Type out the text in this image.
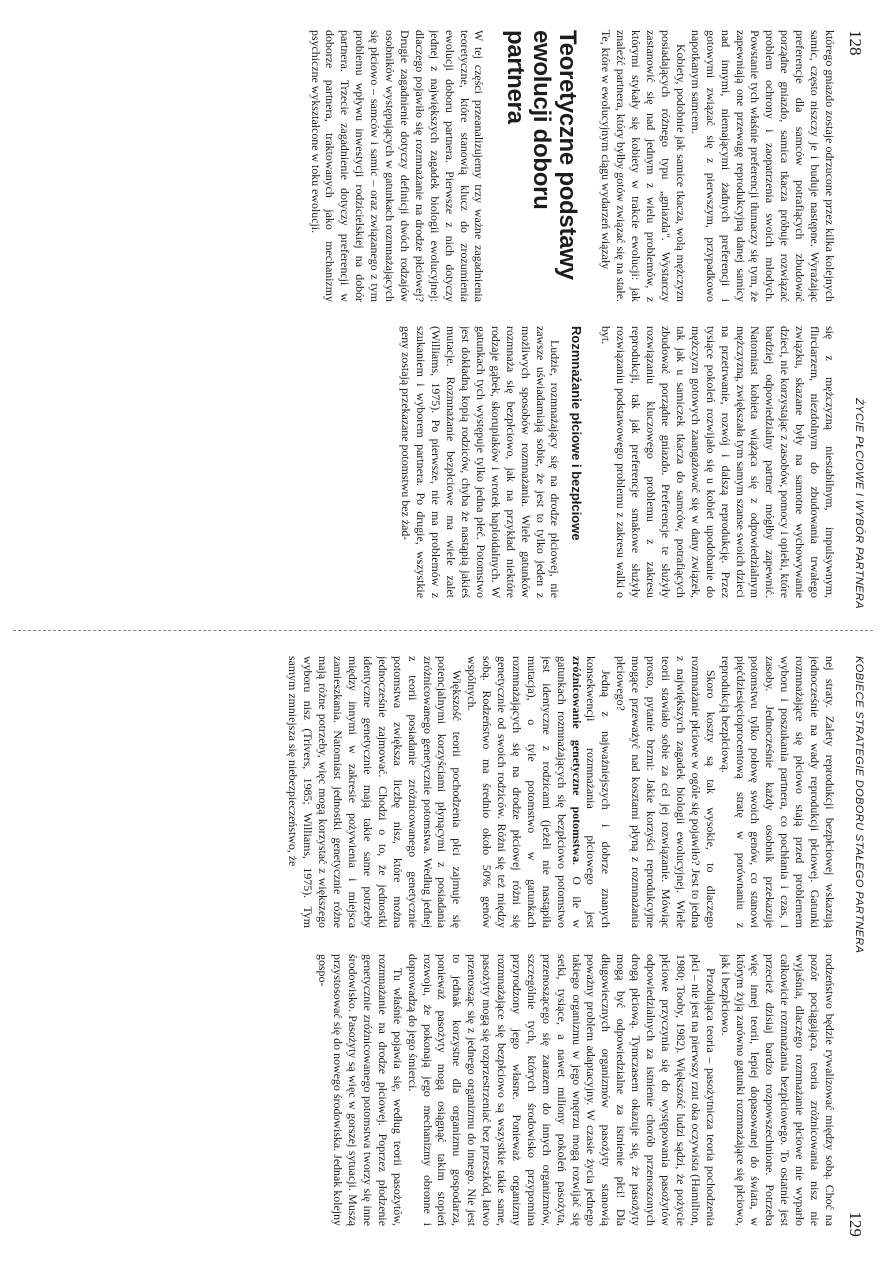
128
ŻYCIE PŁCIOWE I WYBÓR PARTNERA

którego gniazdo zostaje odrzucone przez kilka kolejnych samic, często niszczy je i buduje następne. Wyrażając preferencje dla samców potrafiących zbudować porządne gniazdo, samica tkacza próbuje rozwiązać problem ochrony i zaopatrzenia swoich młodych. Powstanie tych właśnie preferencji tłumaczy się tym, że zapewniają one przewagę reprodukcyjną danej samicy nad innymi, niemającymi żadnych preferencji i gotowymi związać się z pierwszym, przypadkowo napotkanym samcem.

Kobiety, podobnie jak samice tkacza, wolą mężczyzn posiadających różnego typu „gniazda". Wystarczy zastanowić się nad jednym z wielu problemów, z którymi stykały się kobiety w trakcie ewolucji: jak znaleźć partnera, który byłby gotów związać się na stałe. Te, które w ewolucyjnym ciągu wydarzeń wiązały

Teoretyczne podstawy ewolucji doboru partnera

W tej części przeanalizujemy trzy ważne zagadnienia teoretyczne, które stanowią klucz do zrozumienia ewolucji doboru partnera. Pierwsze z nich dotyczy jednej z największych zagadek biologii ewolucyjnej: dlaczego pojawiło się rozmnażanie na drodze płciowej? Drugie zagadnienie dotyczy definicji dwóch rodzajów osobników występujących w gatunkach rozmnażających się płciowo – samców i samic – oraz związanego z tym problemu wpływu inwestycji rodzicielskiej na dobór partnera. Trzecie zagadnienie dotyczy preferencji w doborze partnera, traktowanych jako mechanizmy psychiczne wykształcone w toku ewolucji.

się z mężczyzną niestabilnym, impulsywnym, flirciarzem, niezdolnym do zbudowania trwałego związku, skazane były na samotne wychowywanie dzieci, nie korzystając z zasobów, pomocy i opieki, które bardziej odpowiedzialny partner mógłby zapewnić. Natomiast kobieta wiążąca się z odpowiedzialnym mężczyzną, zwiększała tym samym szanse swoich dzieci na przetrwanie, rozwój i dalszą reprodukcję. Przez tysiące pokoleń rozwijało się u kobiet upodobanie do mężczyzn gotowych zaangażować się w dany związek, tak jak u samiczek tkacza do samców, potrafiących zbudować porządne gniazdo. Preferencje te służyły rozwiązaniu kluczowego problemu z zakresu reprodukcji, tak jak preferencje smakowe służyły rozwiązaniu podstawowego problemu z zakresu walki o byt.

Rozmnażanie płciowe i bezpłciowe

Ludzie, rozmnażający się na drodze płciowej, nie zawsze uświadamiają sobie, że jest to tylko jeden z możliwych sposobów rozmnażania. Wiele gatunków rozmnaża się bezpłciowo, jak na przykład niektóre rodzaje gąbek, skorupiaków i wrotek haploidalnych. W gatunkach tych występuje tylko jedna płeć. Potomstwo jest dokładną kopią rodziców, chyba że nastąpią jakieś mutacje. Rozmnażanie bezpłciowe ma wiele zalet (Williams, 1975). Po pierwsze, nie ma problemów z szukaniem i wyborem partnera. Po drugie, wszystkie geny zostają przekazane potomstwu bez żad-

KOBIECE STRATEGIE DOBORU STAŁEGO PARTNERA
129

nej straty. Zalety reprodukcji bezpłciowej wskazują jednocześnie na wady reprodukcji płciowej. Gatunki rozmnażające się płciowo stają przed problemem wyboru i poszukania partnera, co pochłania i czas, i zasoby. Jednocześnie każdy osobnik przekazuje potomstwu tylko połowę swoich genów, co stanowi pięćdziesięcioprocentową stratę w porównaniu z reprodukcją bezpłciową.

Skoro koszty są tak wysokie, to dlaczego rozmnażanie płciowe w ogóle się pojawiło? Jest to jedna z największych zagadek biologii ewolucyjnej. Wiele teorii stawiało sobie za cel jej rozwiązanie. Mówiąc prosto, pytanie brzmi: Jakie korzyści reprodukcyjne mogące przeważyć nad kosztami płyną z rozmnażania płciowego?

Jedną z najważniejszych i dobrze znanych konsekwencji rozmnażania płciowego jest zróżnicowanie genetyczne potomstwa. O ile w gatunkach rozmnażających się bezpłciowo potomstwo jest identyczne z rodzicami (jeżeli nie nastąpiła mutacja), o tyle potomstwo w gatunkach rozmnażających się na drodze płciowej różni się genetycznie od swoich rodziców. Różni się też między sobą. Rodzeństwo ma średnio około 50% genów wspólnych.

Większość teorii pochodzenia płci zajmuje się potencjalnymi korzyściami płynącymi z posiadania zróżnicowanego genetycznie potomstwa. Według jednej z teorii posiadanie zróżnicowanego genetycznie potomstwa zwiększa liczbę nisz, które można jednocześnie zajmować. Chodzi o to, że jednostki identyczne genetycznie mają takie same potrzeby między innymi w zakresie pożywienia i miejsca zamieszkania. Natomiast jednostki genetycznie różne mają różne potrzeby, więc mogą korzystać z większego wyboru nisz (Trivers, 1985; Williams, 1975). Tym samym zmniejsza się niebezpieczeństwo, że

rodzeństwo będzie rywalizować między sobą. Choć na pozór pociągająca, teoria zróżnicowania nisz nie wyjaśnia, dlaczego rozmnażanie płciowe nie wyparło całkowicie rozmnażania bezpłciowego. To ostatnie jest przecież dzisiaj bardzo rozpowszechnione. Potrzeba więc innej teorii, lepiej dopasowanej do świata, w którym żyją zarówno gatunki rozmnażające się płciowo, jak i bezpłciowo.

Przodująca teoria – pasożytnicza teoria pochodzenia płci – nie jest na pierwszy rzut oka oczywista (Hamilton, 1980; Tooby, 1982). Większość ludzi sądzi, że pożycie płciowe przyczynia się do występowania pasożytów odpowiedzialnych za istnienie chorób przenoszonych drogą płciową. Tymczasem okazuje się, że pasożyty mogą być odpowiedzialne za istnienie płci! Dla długowiecznych organizmów pasożyty stanowią poważny problem adaptacyjny. W czasie życia jednego takiego organizmu w jego wnętrzu mogą rozwijać się setki, tysiące, a nawet miliony pokoleń pasożyta, przenoszącego się zarazem do innych organizmów, szczególnie tych, których środowisko przypomina przyrodzony jego własne. Ponieważ organizmy rozmnażające się bezpłciowo są wszystkie takie same, pasożyty mogą się rozprzestrzeniać bez przeszkód, łatwo przenosząc się z jednego organizmu do innego. Nie jest to jednak korzystne dla organizmu gospodarza, ponieważ pasożyty mogą osiągnąć takim stopień rozwoju, że pokonają jego mechanizmy obronne i doprowadzą do jego śmierci.

Tu właśnie pojawia się, według teorii pasożytów, rozmnażanie na drodze płciowej. Poprzez płodzenie genetycznie zróżnicowanego potomstwa tworzy się inne środowisko. Pasożyty są więc w gorszej sytuacji. Muszą przystosować się do nowego środowiska. Jednak kolejny gospo-
